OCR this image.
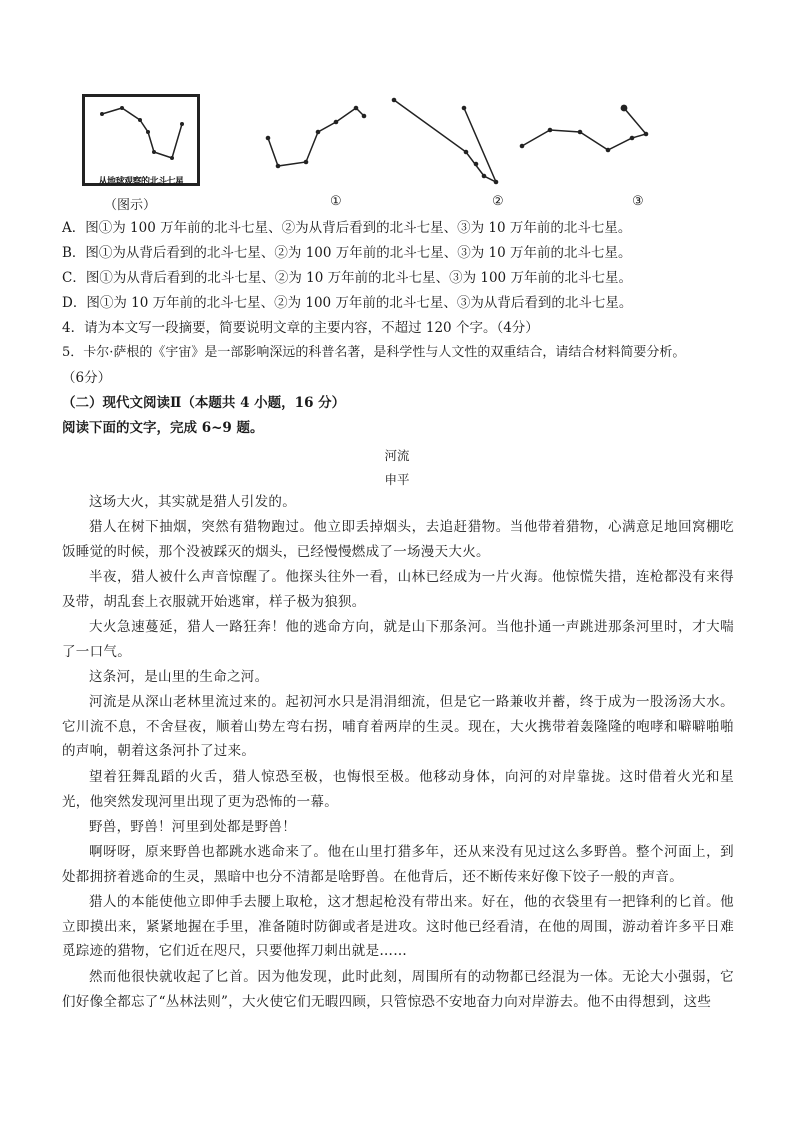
从地球观察的北斗七星
（图示）	①	②	③
A．图①为 100 万年前的北斗七星、②为从背后看到的北斗七星、③为 10 万年前的北斗七星。
B．图①为从背后看到的北斗七星、②为 100 万年前的北斗七星、③为 10 万年前的北斗七星。
C．图①为从背后看到的北斗七星、②为 10 万年前的北斗七星、③为 100 万年前的北斗七星。
D．图①为 10 万年前的北斗七星、②为 100 万年前的北斗七星、③为从背后看到的北斗七星。
4．请为本文写一段摘要，简要说明文章的主要内容，不超过 120 个字。（4分）
5．卡尔·萨根的《宇宙》是一部影响深远的科普名著，是科学性与人文性的双重结合，请结合材料简要分析。
（6分）
（二）现代文阅读Ⅱ（本题共 4 小题，16 分）
阅读下面的文字，完成 6~9 题。
河流
申平
这场大火，其实就是猎人引发的。
猎人在树下抽烟，突然有猎物跑过。他立即丢掉烟头，去追赶猎物。当他带着猎物，心满意足地回窝棚吃饭睡觉的时候，那个没被踩灭的烟头，已经慢慢燃成了一场漫天大火。
半夜，猎人被什么声音惊醒了。他探头往外一看，山林已经成为一片火海。他惊慌失措，连枪都没有来得及带，胡乱套上衣服就开始逃窜，样子极为狼狈。
大火急速蔓延，猎人一路狂奔！他的逃命方向，就是山下那条河。当他扑通一声跳进那条河里时，才大喘了一口气。
这条河，是山里的生命之河。
河流是从深山老林里流过来的。起初河水只是涓涓细流，但是它一路兼收并蓄，终于成为一股汤汤大水。它川流不息，不舍昼夜，顺着山势左弯右拐，哺育着两岸的生灵。现在，大火携带着轰隆隆的咆哮和噼噼啪啪的声响，朝着这条河扑了过来。
望着狂舞乱蹈的火舌，猎人惊恐至极，也悔恨至极。他移动身体，向河的对岸靠拢。这时借着火光和星光，他突然发现河里出现了更为恐怖的一幕。
野兽，野兽！河里到处都是野兽！
啊呀呀，原来野兽也都跳水逃命来了。他在山里打猎多年，还从来没有见过这么多野兽。整个河面上，到处都拥挤着逃命的生灵，黑暗中也分不清都是啥野兽。在他背后，还不断传来好像下饺子一般的声音。
猎人的本能使他立即伸手去腰上取枪，这才想起枪没有带出来。好在，他的衣袋里有一把锋利的匕首。他立即摸出来，紧紧地握在手里，准备随时防御或者是进攻。这时他已经看清，在他的周围，游动着许多平日难觅踪迹的猎物，它们近在咫尺，只要他挥刀刺出就是……
然而他很快就收起了匕首。因为他发现，此时此刻，周围所有的动物都已经混为一体。无论大小强弱，它们好像全都忘了“丛林法则”，大火使它们无暇四顾，只管惊恐不安地奋力向对岸游去。他不由得想到，这些
